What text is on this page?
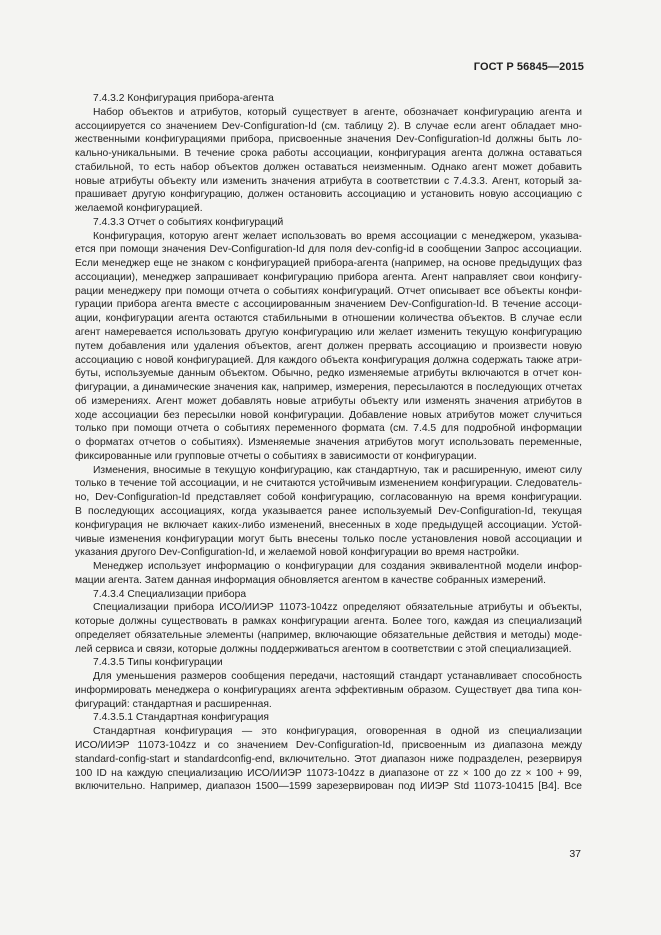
ГОСТ Р 56845—2015
7.4.3.2 Конфигурация прибора-агента
Набор объектов и атрибутов, который существует в агенте, обозначает конфигурацию агента и
ассоциируется со значением Dev-Configuration-Id (см. таблицу 2). В случае если агент обладает мно-
жественными конфигурациями прибора, присвоенные значения Dev-Configuration-Id должны быть ло-
кально-уникальными. В течение срока работы ассоциации, конфигурация агента должна оставаться
стабильной, то есть набор объектов должен оставаться неизменным. Однако агент может добавить
новые атрибуты объекту или изменить значения атрибута в соответствии с 7.4.3.3. Агент, который за-
прашивает другую конфигурацию, должен остановить ассоциацию и установить новую ассоциацию с
желаемой конфигурацией.
7.4.3.3 Отчет о событиях конфигураций
Конфигурация, которую агент желает использовать во время ассоциации с менеджером, указыва-
ется при помощи значения Dev-Configuration-Id для поля dev-config-id в сообщении Запрос ассоциации.
Если менеджер еще не знаком с конфигурацией прибора-агента (например, на основе предыдущих фаз
ассоциации), менеджер запрашивает конфигурацию прибора агента. Агент направляет свои конфигу-
рации менеджеру при помощи отчета о событиях конфигураций. Отчет описывает все объекты конфи-
гурации прибора агента вместе с ассоциированным значением Dev-Configuration-Id. В течение ассоци-
ации, конфигурации агента остаются стабильными в отношении количества объектов. В случае если
агент намеревается использовать другую конфигурацию или желает изменить текущую конфигурацию
путем добавления или удаления объектов, агент должен прервать ассоциацию и произвести новую
ассоциацию с новой конфигурацией. Для каждого объекта конфигурация должна содержать также атри-
буты, используемые данным объектом. Обычно, редко изменяемые атрибуты включаются в отчет кон-
фигурации, а динамические значения как, например, измерения, пересылаются в последующих отчетах
об измерениях. Агент может добавлять новые атрибуты объекту или изменять значения атрибутов в
ходе ассоциации без пересылки новой конфигурации. Добавление новых атрибутов может случиться
только при помощи отчета о событиях переменного формата (см. 7.4.5 для подробной информации
о форматах отчетов о событиях). Изменяемые значения атрибутов могут использовать переменные,
фиксированные или групповые отчеты о событиях в зависимости от конфигурации.
Изменения, вносимые в текущую конфигурацию, как стандартную, так и расширенную, имеют силу
только в течение той ассоциации, и не считаются устойчивым изменением конфигурации. Следователь-
но, Dev-Configuration-Id представляет собой конфигурацию, согласованную на время конфигурации.
В последующих ассоциациях, когда указывается ранее используемый Dev-Configuration-Id, текущая
конфигурация не включает каких-либо изменений, внесенных в ходе предыдущей ассоциации. Устой-
чивые изменения конфигурации могут быть внесены только после установления новой ассоциации и
указания другого Dev-Configuration-Id, и желаемой новой конфигурации во время настройки.
Менеджер использует информацию о конфигурации для создания эквивалентной модели инфор-
мации агента. Затем данная информация обновляется агентом в качестве собранных измерений.
7.4.3.4 Специализации прибора
Специализации прибора ИСО/ИИЭР 11073-104zz определяют обязательные атрибуты и объекты,
которые должны существовать в рамках конфигурации агента. Более того, каждая из специализаций
определяет обязательные элементы (например, включающие обязательные действия и методы) моде-
лей сервиса и связи, которые должны поддерживаться агентом в соответствии с этой специализацией.
7.4.3.5 Типы конфигурации
Для уменьшения размеров сообщения передачи, настоящий стандарт устанавливает способность
информировать менеджера о конфигурациях агента эффективным образом. Существует два типа кон-
фигураций: стандартная и расширенная.
7.4.3.5.1 Стандартная конфигурация
Стандартная конфигурация — это конфигурация, оговоренная в одной из специализации
ИСО/ИИЭР 11073-104zz и со значением Dev-Configuration-Id, присвоенным из диапазона между
standard-config-start и standardconfig-end, включительно. Этот диапазон ниже подразделен, резервируя
100 ID на каждую специализацию ИСО/ИИЭР 11073-104zz в диапазоне от zz × 100 до zz × 100 + 99,
включительно. Например, диапазон 1500—1599 зарезервирован под ИИЭР Std 11073-10415 [B4]. Все
37
